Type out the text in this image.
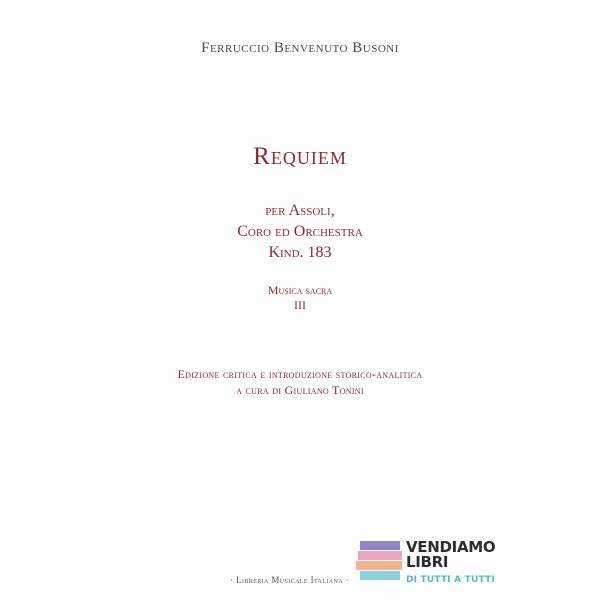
Ferruccio Benvenuto Busoni
Requiem
per Assoli,
Coro ed Orchestra
Kind. 183
Musica sacra
III
Edizione critica e introduzione storico-analitica
a cura di Giuliano Tonini
· Libreria Musicale Italiana ·
VENDIAMO
LIBRI
DI TUTTI A TUTTI
